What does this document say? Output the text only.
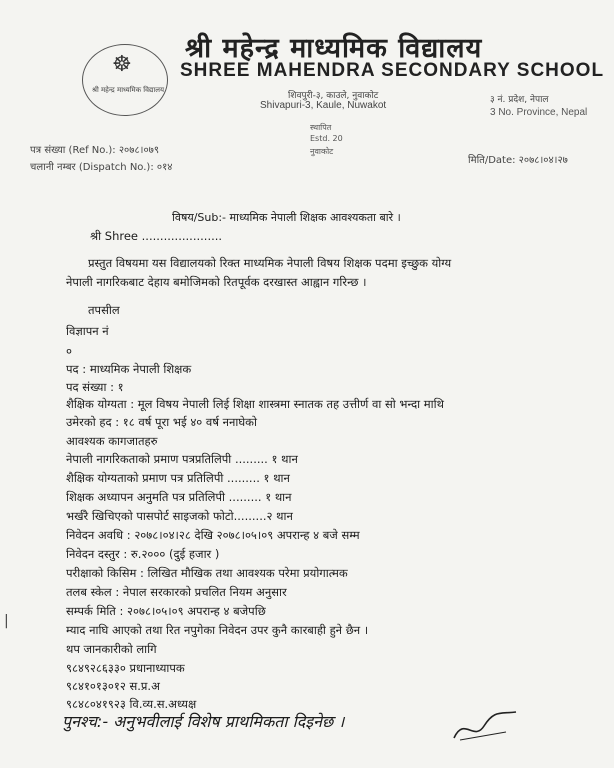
☸
श्री महेन्द्र माध्यमिक विद्यालय
श्री महेन्द्र माध्यमिक विद्यालय
SHREE MAHENDRA SECONDARY SCHOOL
शिवपुरी-३, काउले, नुवाकोट
Shivapuri-3, Kaule, Nuwakot	३ नं. प्रदेश, नेपाल
3 No. Province, Nepal
स्थापित
Estd. 20
नुवाकोट
पत्र संख्या (Ref No.): २०७८।०७९
चलानी नम्बर (Dispatch No.): ०१४
मिति/Date: २०७८।०४।२७
विषय/Sub:- माध्यमिक नेपाली शिक्षक आवश्यकता बारे ।
श्री Shree ......................
प्रस्तुत विषयमा यस विद्यालयको रिक्त माध्यमिक नेपाली विषय शिक्षक पदमा इच्छुक योग्य
नेपाली नागरिकबाट देहाय बमोजिमको रितपूर्वक दरखास्त आह्वान गरिन्छ ।
तपसील
विज्ञापन नं
०
पद : माध्यमिक नेपाली शिक्षक
पद संख्या : १
शैक्षिक योग्यता : मूल विषय नेपाली लिई शिक्षा शास्त्रमा स्नातक तह उत्तीर्ण वा सो भन्दा माथि
उमेरको हद : १८ वर्ष पूरा भई ४० वर्ष ननाघेको
आवश्यक कागजातहरु
नेपाली नागरिकताको प्रमाण पत्रप्रतिलिपी ......... १ थान
शैक्षिक योग्यताको प्रमाण पत्र प्रतिलिपी ......... १ थान
शिक्षक अध्यापन अनुमति पत्र प्रतिलिपी ......... १ थान
भर्खरै खिचिएको पासपोर्ट साइजको फोटो.........२ थान
निवेदन अवधि : २०७८।०४।२८ देखि २०७८।०५।०९ अपरान्ह ४ बजे सम्म
निवेदन दस्तुर : रु.२००० (दुई हजार )
परीक्षाको किसिम : लिखित मौखिक तथा आवश्यक परेमा प्रयोगात्मक
तलब स्केल : नेपाल सरकारको प्रचलित नियम अनुसार
सम्पर्क मिति : २०७८।०५।०९ अपरान्ह ४ बजेपछि
म्याद नाघि आएको तथा रित नपुगेका निवेदन उपर कुनै कारबाही हुने छैन ।
थप जानकारीको लागि
९८४९२८६३३० प्रधानाध्यापक
९८४१०१३०१२ स.प्र.अ
९८४८०४१९२३ वि.व्य.स.अध्यक्ष
|
पुनश्च:- अनुभवीलाई विशेष प्राथमिकता दिइनेछ ।
